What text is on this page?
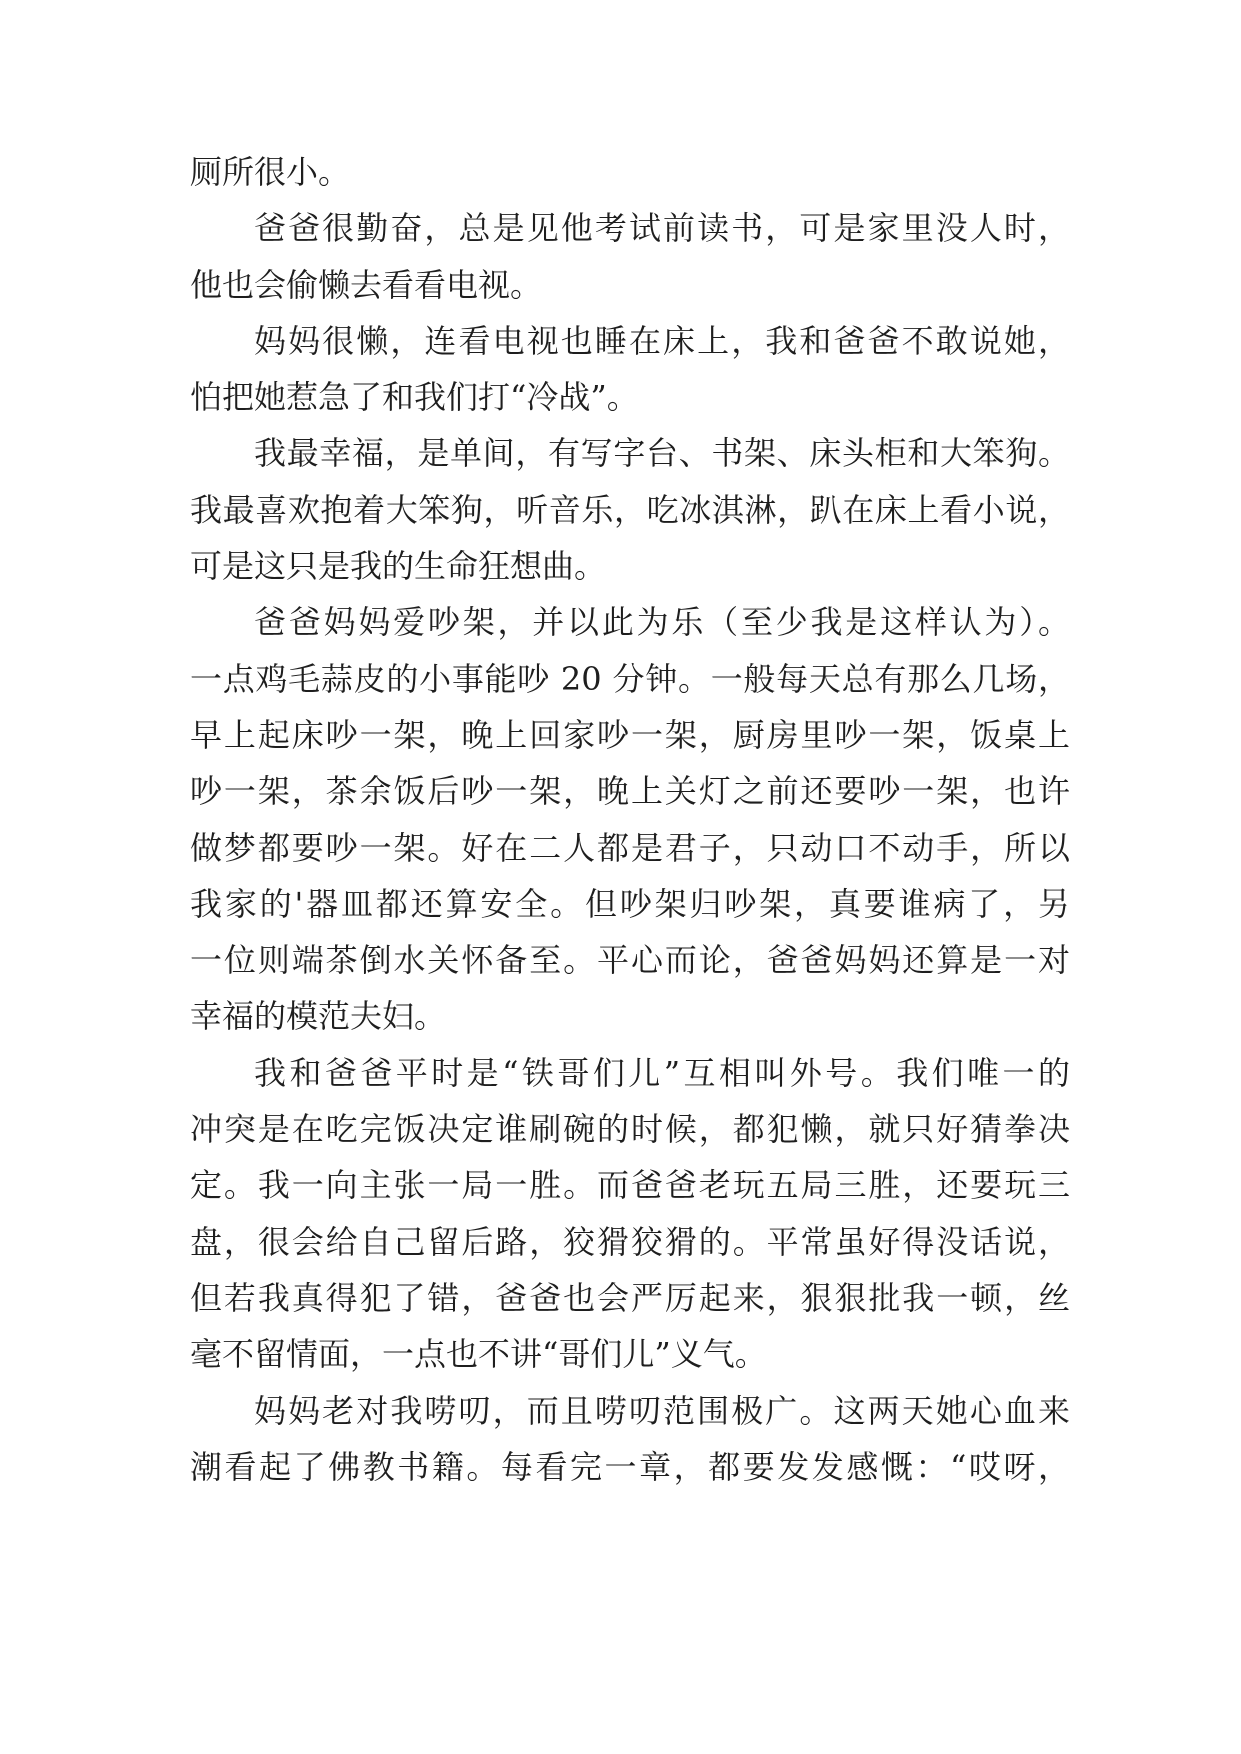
厕所很小。
爸爸很勤奋，总是见他考试前读书，可是家里没人时，
他也会偷懒去看看电视。
妈妈很懒，连看电视也睡在床上，我和爸爸不敢说她，
怕把她惹急了和我们打“冷战”。
我最幸福，是单间，有写字台、书架、床头柜和大笨狗。
我最喜欢抱着大笨狗，听音乐，吃冰淇淋，趴在床上看小说，
可是这只是我的生命狂想曲。
爸爸妈妈爱吵架，并以此为乐（至少我是这样认为）。
一点鸡毛蒜皮的小事能吵 20 分钟。一般每天总有那么几场，
早上起床吵一架，晚上回家吵一架，厨房里吵一架，饭桌上
吵一架，茶余饭后吵一架，晚上关灯之前还要吵一架，也许
做梦都要吵一架。好在二人都是君子，只动口不动手，所以
我家的'器皿都还算安全。但吵架归吵架，真要谁病了，另
一位则端茶倒水关怀备至。平心而论，爸爸妈妈还算是一对
幸福的模范夫妇。
我和爸爸平时是“铁哥们儿”互相叫外号。我们唯一的
冲突是在吃完饭决定谁刷碗的时候，都犯懒，就只好猜拳决
定。我一向主张一局一胜。而爸爸老玩五局三胜，还要玩三
盘，很会给自己留后路，狡猾狡猾的。平常虽好得没话说，
但若我真得犯了错，爸爸也会严厉起来，狠狠批我一顿，丝
毫不留情面，一点也不讲“哥们儿”义气。
妈妈老对我唠叨，而且唠叨范围极广。这两天她心血来
潮看起了佛教书籍。每看完一章，都要发发感慨：“哎呀，
